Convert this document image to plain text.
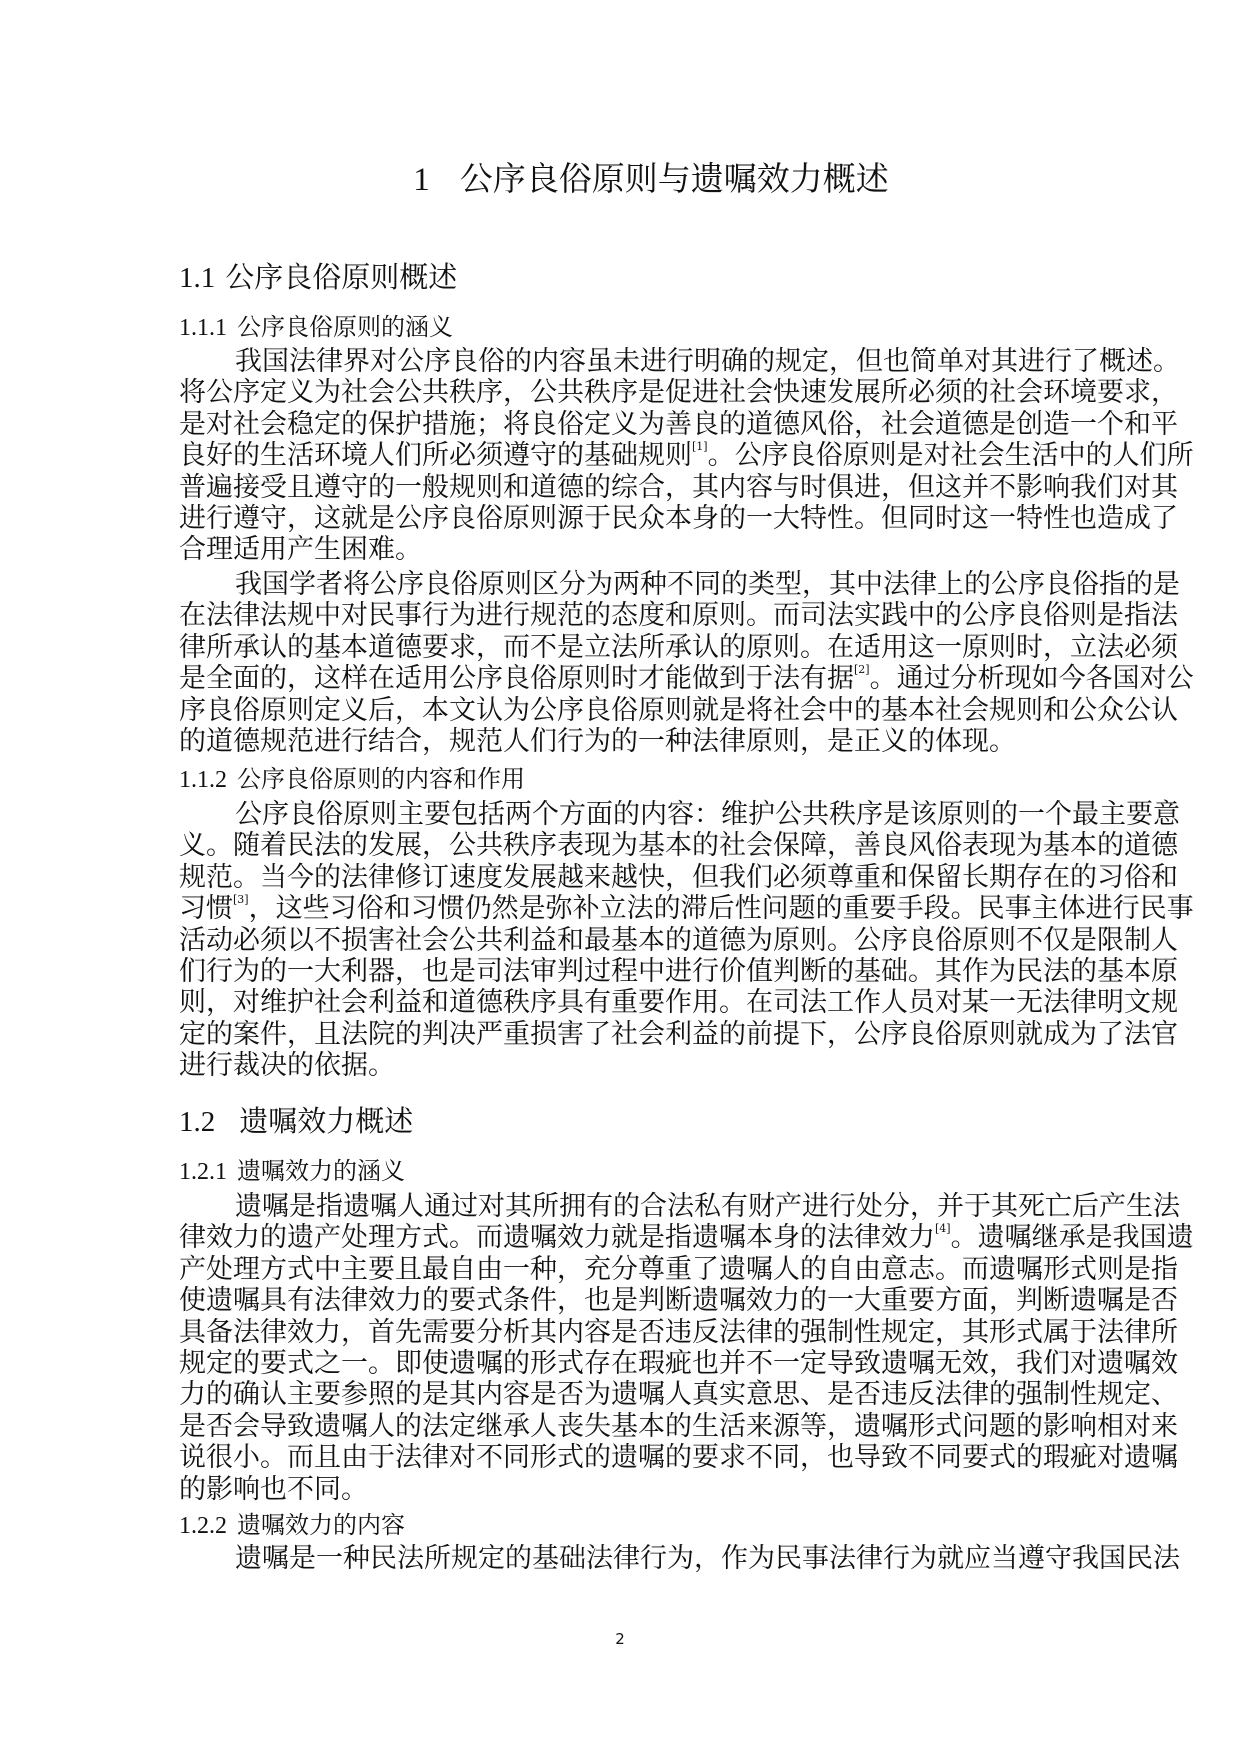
1 公序良俗原则与遗嘱效力概述
1.1 公序良俗原则概述
1.1.1 公序良俗原则的涵义
我国法律界对公序良俗的内容虽未进行明确的规定，但也简单对其进行了概述。
将公序定义为社会公共秩序，公共秩序是促进社会快速发展所必须的社会环境要求，
是对社会稳定的保护措施；将良俗定义为善良的道德风俗，社会道德是创造一个和平
良好的生活环境人们所必须遵守的基础规则[1]。公序良俗原则是对社会生活中的人们所
普遍接受且遵守的一般规则和道德的综合，其内容与时俱进，但这并不影响我们对其
进行遵守，这就是公序良俗原则源于民众本身的一大特性。但同时这一特性也造成了
合理适用产生困难。
我国学者将公序良俗原则区分为两种不同的类型，其中法律上的公序良俗指的是
在法律法规中对民事行为进行规范的态度和原则。而司法实践中的公序良俗则是指法
律所承认的基本道德要求，而不是立法所承认的原则。在适用这一原则时，立法必须
是全面的，这样在适用公序良俗原则时才能做到于法有据[2]。通过分析现如今各国对公
序良俗原则定义后，本文认为公序良俗原则就是将社会中的基本社会规则和公众公认
的道德规范进行结合，规范人们行为的一种法律原则，是正义的体现。
1.1.2 公序良俗原则的内容和作用
公序良俗原则主要包括两个方面的内容：维护公共秩序是该原则的一个最主要意
义。随着民法的发展，公共秩序表现为基本的社会保障，善良风俗表现为基本的道德
规范。当今的法律修订速度发展越来越快，但我们必须尊重和保留长期存在的习俗和
习惯[3]，这些习俗和习惯仍然是弥补立法的滞后性问题的重要手段。民事主体进行民事
活动必须以不损害社会公共利益和最基本的道德为原则。公序良俗原则不仅是限制人
们行为的一大利器，也是司法审判过程中进行价值判断的基础。其作为民法的基本原
则，对维护社会利益和道德秩序具有重要作用。在司法工作人员对某一无法律明文规
定的案件，且法院的判决严重损害了社会利益的前提下，公序良俗原则就成为了法官
进行裁决的依据。
1.2 遗嘱效力概述
1.2.1 遗嘱效力的涵义
遗嘱是指遗嘱人通过对其所拥有的合法私有财产进行处分，并于其死亡后产生法
律效力的遗产处理方式。而遗嘱效力就是指遗嘱本身的法律效力[4]。遗嘱继承是我国遗
产处理方式中主要且最自由一种，充分尊重了遗嘱人的自由意志。而遗嘱形式则是指
使遗嘱具有法律效力的要式条件，也是判断遗嘱效力的一大重要方面，判断遗嘱是否
具备法律效力，首先需要分析其内容是否违反法律的强制性规定，其形式属于法律所
规定的要式之一。即使遗嘱的形式存在瑕疵也并不一定导致遗嘱无效，我们对遗嘱效
力的确认主要参照的是其内容是否为遗嘱人真实意思、是否违反法律的强制性规定、
是否会导致遗嘱人的法定继承人丧失基本的生活来源等，遗嘱形式问题的影响相对来
说很小。而且由于法律对不同形式的遗嘱的要求不同，也导致不同要式的瑕疵对遗嘱
的影响也不同。
1.2.2 遗嘱效力的内容
遗嘱是一种民法所规定的基础法律行为，作为民事法律行为就应当遵守我国民法
2
